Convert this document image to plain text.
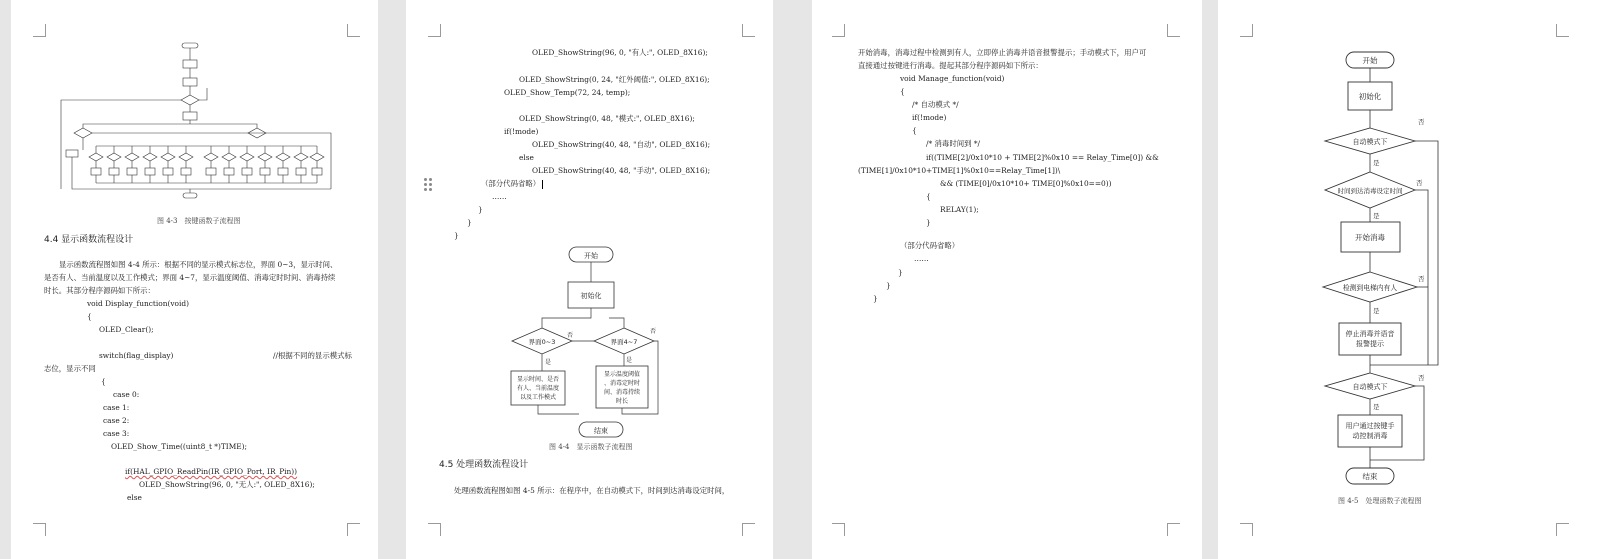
图 4-3　按键函数子流程图
4.4 显示函数流程设计
显示函数流程图如图 4-4 所示：根据不同的显示模式标志位，界面 0~3，显示时间、
是否有人、当前温度以及工作模式；界面 4~7，显示温度阈值、消毒定时时间、消毒持续
时长。其部分程序源码如下所示：
void Display_function(void)
{
OLED_Clear();
switch(flag_display)	//根据不同的显示模式标
志位，显示不同
{
case 0:
case 1:
case 2:
case 3:
OLED_Show_Time((uint8_t *)TIME);
if(HAL_GPIO_ReadPin(IR_GPIO_Port, IR_Pin))
OLED_ShowString(96, 0, "无人:", OLED_8X16);
else
OLED_ShowString(96, 0, "有人:", OLED_8X16);
OLED_ShowString(0, 24, "红外阈值:", OLED_8X16);
OLED_Show_Temp(72, 24, temp);
OLED_ShowString(0, 48, "模式:", OLED_8X16);
if(!mode)
OLED_ShowString(40, 48, "自动", OLED_8X16);
else
OLED_ShowString(40, 48, "手动", OLED_8X16);
（部分代码省略）
……
}
}
}
开始
初始化
界面0~3	界面4~7
否
否
是	是
显示时间、是否
有人、当前温度
以及工作模式
显示温度阈值
、消毒定时时
间、消毒持续
时长
结束
图 4-4　显示函数子流程图
4.5 处理函数流程设计
处理函数流程图如图 4-5 所示：在程序中，在自动模式下，时间到达消毒设定时间，
开始消毒，消毒过程中检测到有人，立即停止消毒并语音报警提示；手动模式下，用户可
直接通过按键进行消毒。提起其部分程序源码如下所示：
void Manage_function(void)
{
/* 自动模式 */
if(!mode)
{
/* 消毒时间到 */
if((TIME[2]/0x10*10 + TIME[2]%0x10 == Relay_Time[0]) &&
(TIME[1]/0x10*10+TIME[1]%0x10==Relay_Time[1])\
&& (TIME[0]/0x10*10+ TIME[0]%0x10==0))
{
RELAY(1);
}
（部分代码省略）
……
}
}
}
开始
初始化
自动模式下
时间到达消毒设定时间
开始消毒
检测到电梯内有人
停止消毒并语音
报警提示
自动模式下
用户通过按键手
动控制消毒
结束
是
是
是
是
否
否
否
否
图 4-5　处理函数子流程图
